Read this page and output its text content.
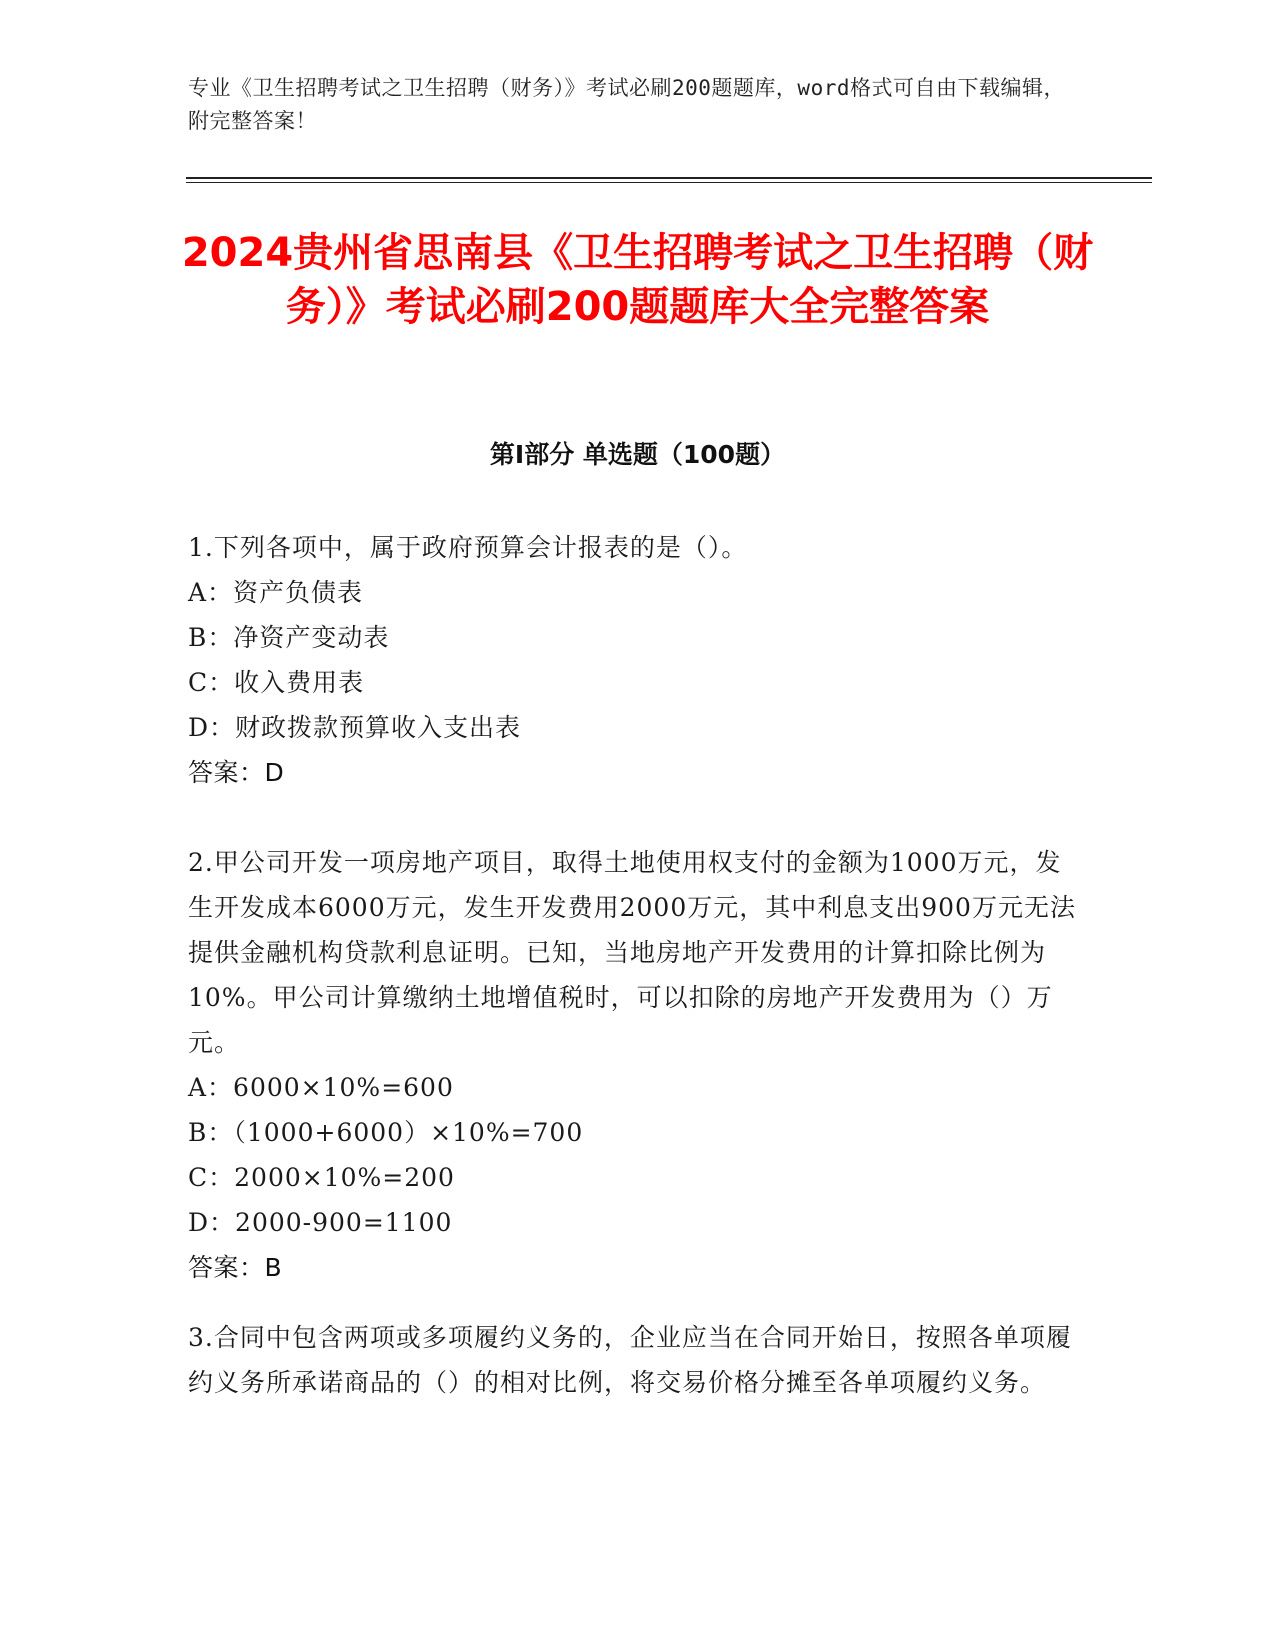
专业《卫生招聘考试之卫生招聘（财务）》考试必刷200题题库，word格式可自由下载编辑，附完整答案！
2024贵州省思南县《卫生招聘考试之卫生招聘（财务）》考试必刷200题题库大全完整答案
第I部分 单选题（100题）

1.下列各项中，属于政府预算会计报表的是（）。

A：资产负债表

B：净资产变动表

C：收入费用表

D：财政拨款预算收入支出表

答案：D

2.甲公司开发一项房地产项目，取得土地使用权支付的金额为1000万元，发生开发成本6000万元，发生开发费用2000万元，其中利息支出900万元无法提供金融机构贷款利息证明。已知，当地房地产开发费用的计算扣除比例为10%。甲公司计算缴纳土地增值税时，可以扣除的房地产开发费用为（）万元。

A：6000×10%=600

B：（1000+6000）×10%=700

C：2000×10%=200

D：2000-900=1100

答案：B

3.合同中包含两项或多项履约义务的，企业应当在合同开始日，按照各单项履约义务所承诺商品的（）的相对比例，将交易价格分摊至各单项履约义务。
